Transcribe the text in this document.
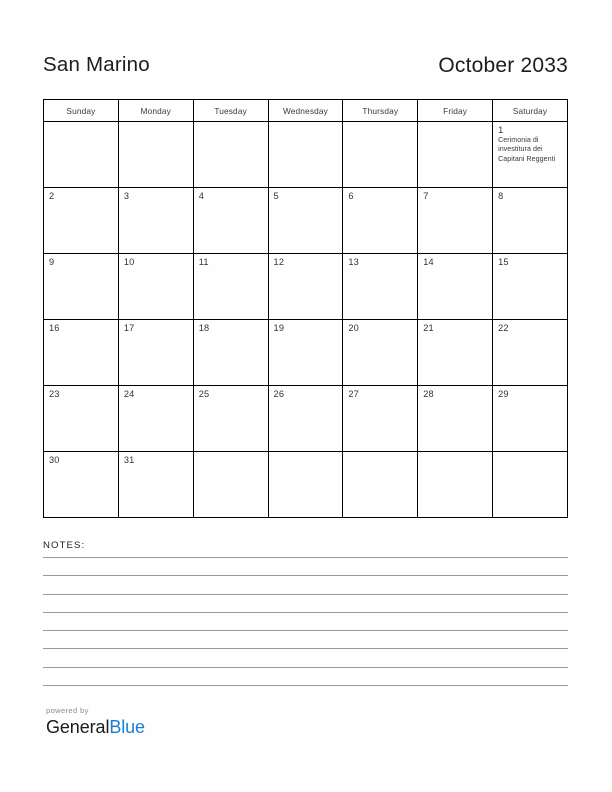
San Marino	October 2033
Sunday	Monday	Tuesday	Wednesday	Thursday	Friday	Saturday

						1
Cerimonia di investitura dei Capitani Reggenti

2	3	4	5	6	7	8

9	10	11	12	13	14	15

16	17	18	19	20	21	22

23	24	25	26	27	28	29

30	31					

NOTES:
powered by
GeneralBlue
